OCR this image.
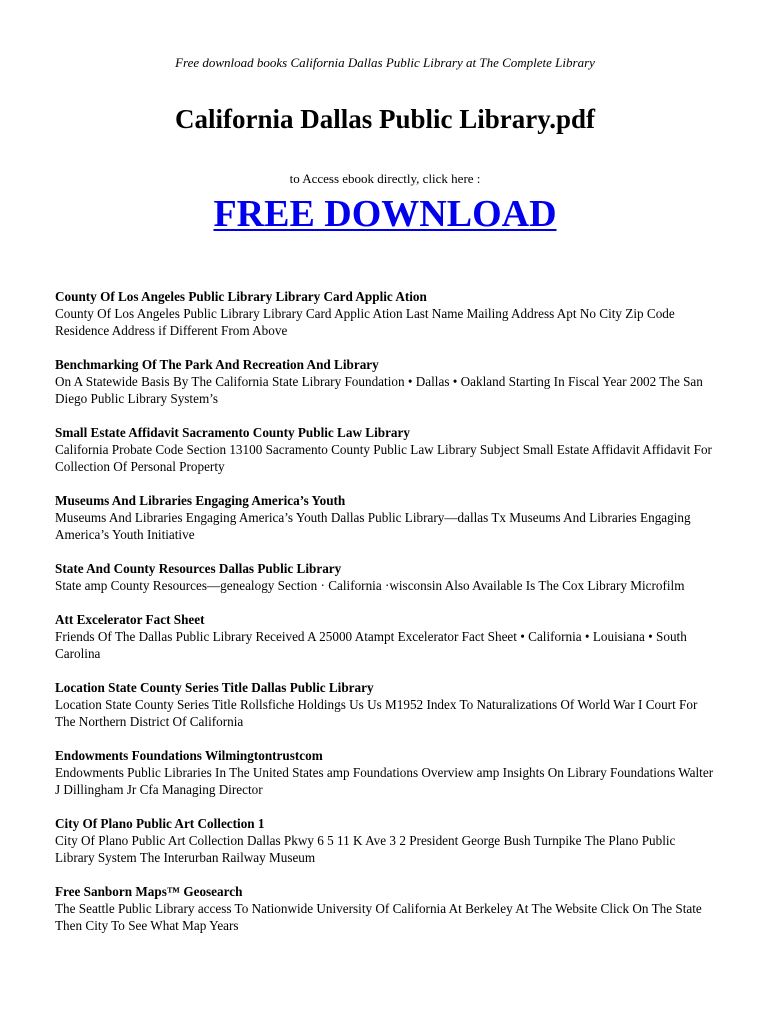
Free download books California Dallas Public Library at The Complete Library
California Dallas Public Library.pdf
to Access ebook directly, click here :
FREE DOWNLOAD
County Of Los Angeles Public Library Library Card Applic Ation
County Of Los Angeles Public Library Library Card Applic Ation Last Name Mailing Address Apt No City Zip Code Residence Address if Different From Above
Benchmarking Of The Park And Recreation And Library
On A Statewide Basis By The California State Library Foundation • Dallas • Oakland Starting In Fiscal Year 2002 The San Diego Public Library System’s
Small Estate Affidavit Sacramento County Public Law Library
California Probate Code Section 13100 Sacramento County Public Law Library Subject Small Estate Affidavit Affidavit For Collection Of Personal Property
Museums And Libraries Engaging America’s Youth
Museums And Libraries Engaging America’s Youth Dallas Public Library—dallas Tx Museums And Libraries Engaging America’s Youth Initiative
State And County Resources Dallas Public Library
State amp County Resources—genealogy Section · California ·wisconsin Also Available Is The Cox Library Microfilm
Att Excelerator Fact Sheet
Friends Of The Dallas Public Library Received A 25000 Atampt Excelerator Fact Sheet • California • Louisiana • South Carolina
Location State County Series Title Dallas Public Library
Location State County Series Title Rollsfiche Holdings Us Us M1952 Index To Naturalizations Of World War I Court For The Northern District Of California
Endowments Foundations Wilmingtontrustcom
Endowments Public Libraries In The United States amp Foundations Overview amp Insights On Library Foundations Walter J Dillingham Jr Cfa Managing Director
City Of Plano Public Art Collection 1
City Of Plano Public Art Collection Dallas Pkwy 6 5 11 K Ave 3 2 President George Bush Turnpike The Plano Public Library System The Interurban Railway Museum
Free Sanborn Maps™ Geosearch
The Seattle Public Library access To Nationwide University Of California At Berkeley At The Website Click On The State Then City To See What Map Years
